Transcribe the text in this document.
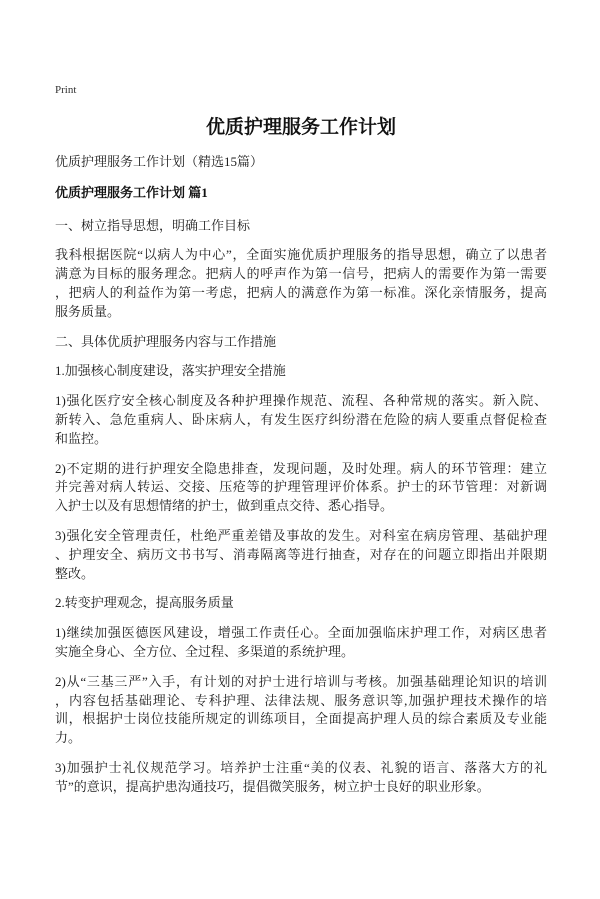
Print
优质护理服务工作计划
优质护理服务工作计划（精选15篇）
优质护理服务工作计划 篇1
一、树立指导思想，明确工作目标
我科根据医院“以病人为中心”，全面实施优质护理服务的指导思想，确立了以患者
满意为目标的服务理念。把病人的呼声作为第一信号，把病人的需要作为第一需要
，把病人的利益作为第一考虑，把病人的满意作为第一标准。深化亲情服务，提高
服务质量。
二、具体优质护理服务内容与工作措施
1.加强核心制度建设，落实护理安全措施
1)强化医疗安全核心制度及各种护理操作规范、流程、各种常规的落实。新入院、
新转入、急危重病人、卧床病人，有发生医疗纠纷潜在危险的病人要重点督促检查
和监控。
2)不定期的进行护理安全隐患排查，发现问题，及时处理。病人的环节管理：建立
并完善对病人转运、交接、压疮等的护理管理评价体系。护士的环节管理：对新调
入护士以及有思想情绪的护士，做到重点交待、悉心指导。
3)强化安全管理责任，杜绝严重差错及事故的发生。对科室在病房管理、基础护理
、护理安全、病历文书书写、消毒隔离等进行抽查，对存在的问题立即指出并限期
整改。
2.转变护理观念，提高服务质量
1)继续加强医德医风建设，增强工作责任心。全面加强临床护理工作，对病区患者
实施全身心、全方位、全过程、多渠道的系统护理。
2)从“三基三严”入手，有计划的对护士进行培训与考核。加强基础理论知识的培训
，内容包括基础理论、专科护理、法律法规、服务意识等,加强护理技术操作的培
训，根据护士岗位技能所规定的训练项目，全面提高护理人员的综合素质及专业能
力。
3)加强护士礼仪规范学习。培养护士注重“美的仪表、礼貌的语言、落落大方的礼
节”的意识，提高护患沟通技巧，提倡微笑服务，树立护士良好的职业形象。
